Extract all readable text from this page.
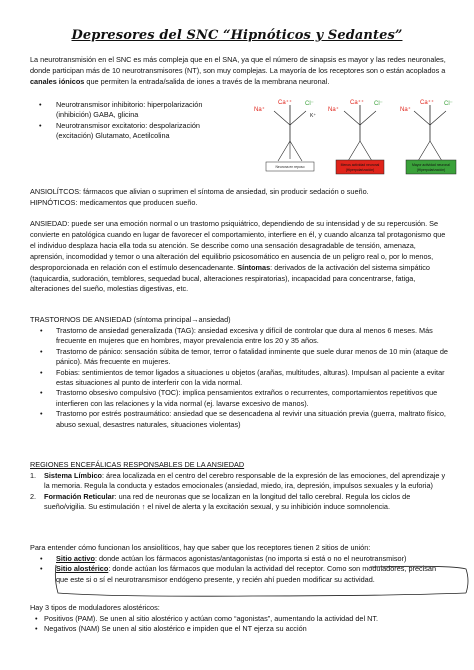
Depresores del SNC “Hipnóticos y Sedantes”

La neurotransmisión en el SNC es más compleja que en el SNA, ya que el número de sinapsis es mayor y las redes neuronales, donde participan más de 10 neurotransmisores (NT), son muy complejas. La mayoría de los receptores son o están acoplados a canales iónicos que permiten la entrada/salida de iones a través de la membrana neuronal.

• Neurotransmisor inhibitorio: hiperpolarización (inhibición) GABA, glicina
• Neurotransmisor excitatorio: despolarización (excitación) Glutamato, Acetilcolina
Na⁺
Ca⁺⁺ Cl⁻
K⁺
Neurona en reposo
Na⁺
Ca⁺⁺ Cl⁻
Menos actividad neuronal
(Hiperpolarización)
Na⁺
Ca⁺⁺ Cl⁻
Mayor actividad neuronal
(Hiperpolarización)

ANSIOLÍTCOS: fármacos que alivian o suprimen el síntoma de ansiedad, sin producir sedación o sueño.

HIPNÓTICOS: medicamentos que producen sueño.

ANSIEDAD: puede ser una emoción normal o un trastorno psiquiátrico, dependiendo de su intensidad y de su repercusión. Se convierte en patológica cuando en lugar de favorecer el comportamiento, interfiere en él, y cuando alcanza tal protagonismo que el individuo desplaza hacia ella toda su atención. Se describe como una sensación desagradable de tensión, amenaza, aprensión, incomodidad y temor o una alteración del equilibrio psicosomático en ausencia de un peligro real o, por lo menos, desproporcionada en relación con el estímulo desencadenante. Síntomas: derivados de la activación del sistema simpático (taquicardia, sudoración, temblores, sequedad bucal, alteraciones respiratorias), incapacidad para concentrarse, fatiga, alteraciones del sueño, molestias digestivas, etc.

TRASTORNOS DE ANSIEDAD (síntoma principal→ansiedad)

• Trastorno de ansiedad generalizada (TAG): ansiedad excesiva y difícil de controlar que dura al menos 6 meses. Más frecuente en mujeres que en hombres, mayor prevalencia entre los 20 y 35 años.
• Trastorno de pánico: sensación súbita de temor, terror o fatalidad inminente que suele durar menos de 10 min (ataque de pánico). Más frecuente en mujeres.
• Fobias: sentimientos de temor ligados a situaciones u objetos (arañas, multitudes, alturas). Impulsan al paciente a evitar estas situaciones al punto de interferir con la vida normal.
• Trastorno obsesivo compulsivo (TOC): implica pensamientos extraños o recurrentes, comportamientos repetitivos que interfieren con las relaciones y la vida normal (ej. lavarse excesivo de manos).
• Trastorno por estrés postraumático: ansiedad que se desencadena al revivir una situación previa (guerra, maltrato físico, abuso sexual, desastres naturales, situaciones violentas)

REGIONES ENCEFÁLICAS RESPONSABLES DE LA ANSIEDAD

1. Sistema Límbico: área localizada en el centro del cerebro responsable de la expresión de las emociones, del aprendizaje y la memoria. Regula la conducta y estados emocionales (ansiedad, miedo, ira, depresión, impulsos sexuales y la euforia)
2. Formación Reticular: una red de neuronas que se localizan en la longitud del tallo cerebral. Regula los ciclos de sueño/vigilia. Su estimulación ↑ el nivel de alerta y la excitación sexual, y su inhibición induce somnolencia.

Para entender cómo funcionan los ansiolíticos, hay que saber que los receptores tienen 2 sitios de unión:

• Sitio activo: donde actúan los fármacos agonistas/antagonistas (no importa si está o no el neurotransmisor)
• Sitio alostérico: donde actúan los fármacos que modulan la actividad del receptor. Como son moduladores, precisan que este si o sí el neurotransmisor endógeno presente, y recién ahí pueden modificar su actividad.

Hay 3 tipos de moduladores alostéricos:

• Positivos (PAM). Se unen al sitio alostérico y actúan como “agonistas”, aumentando la actividad del NT.
• Negativos (NAM) Se unen al sitio alostérico e impiden que el NT ejerza su acción
